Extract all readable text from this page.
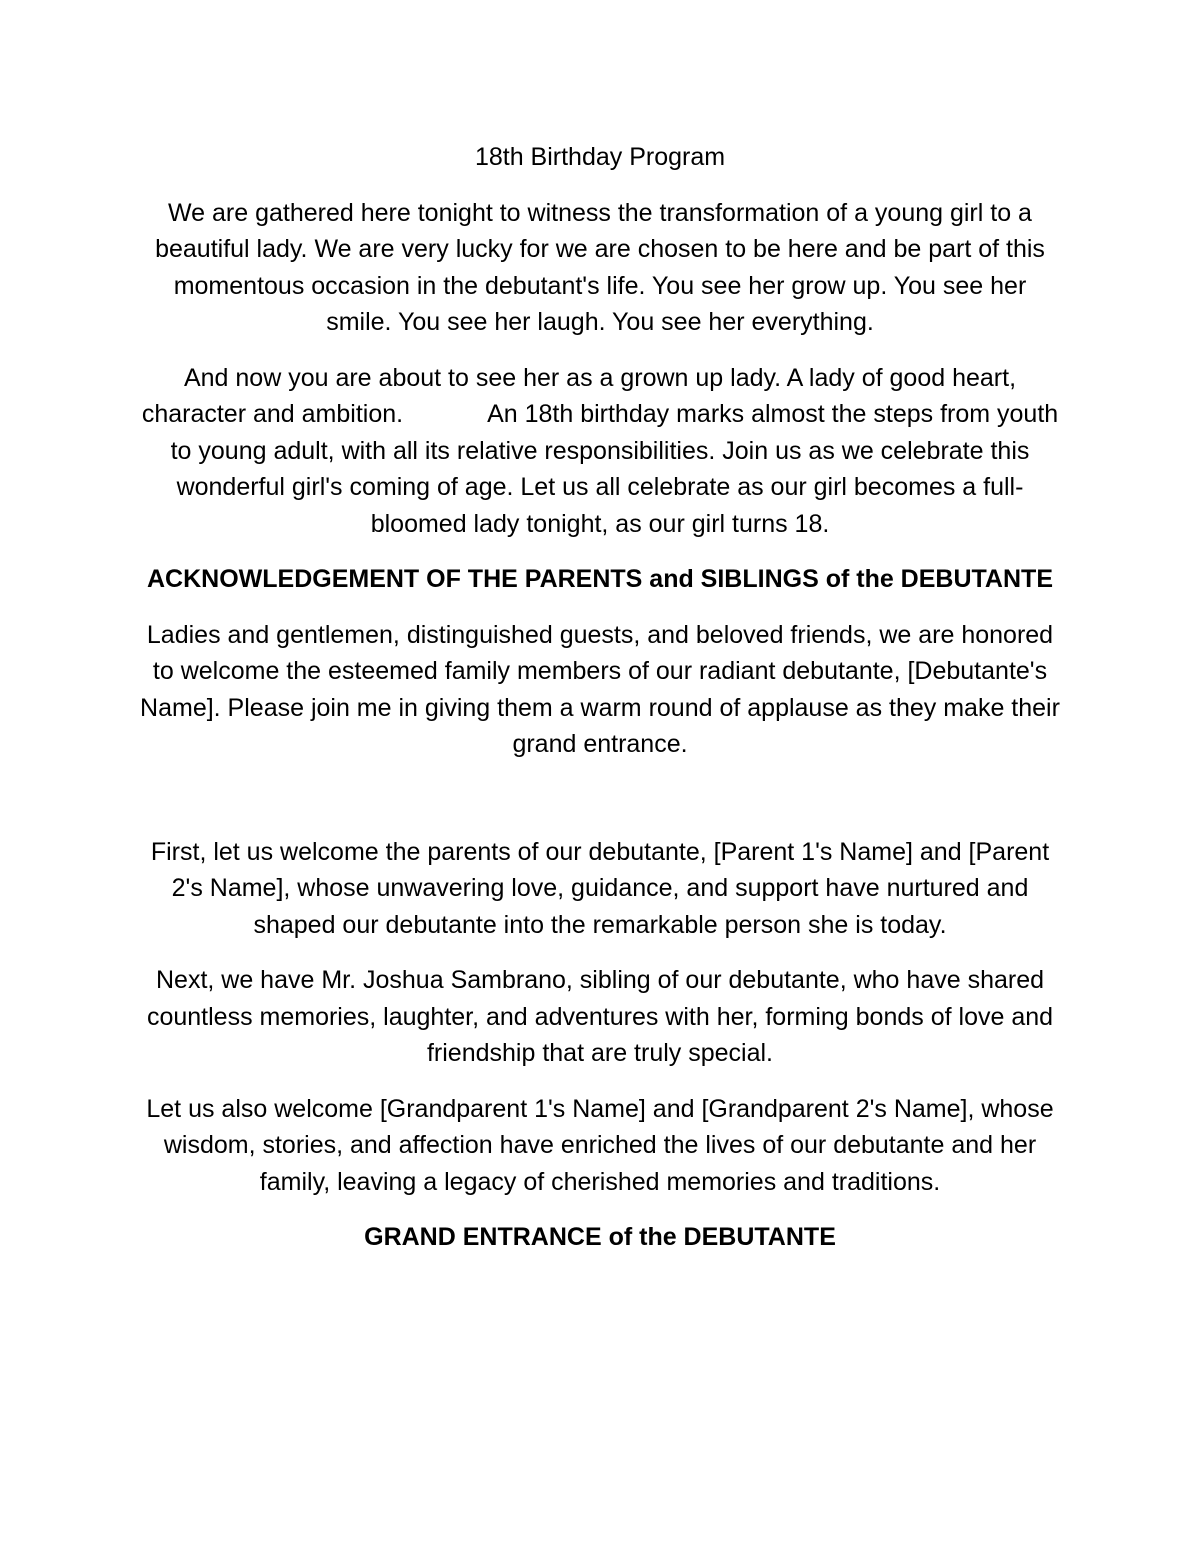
18th Birthday Program

We are gathered here tonight to witness the transformation of a young girl to a beautiful lady. We are very lucky for we are chosen to be here and be part of this momentous occasion in the debutant's life. You see her grow up. You see her smile. You see her laugh. You see her everything.

And now you are about to see her as a grown up lady. A lady of good heart, character and ambition.	An 18th birthday marks almost the steps from youth to young adult, with all its relative responsibilities. Join us as we celebrate this wonderful girl's coming of age. Let us all celebrate as our girl becomes a full-bloomed lady tonight, as our girl turns 18.

ACKNOWLEDGEMENT OF THE PARENTS and SIBLINGS of the DEBUTANTE

Ladies and gentlemen, distinguished guests, and beloved friends, we are honored to welcome the esteemed family members of our radiant debutante, [Debutante's Name]. Please join me in giving them a warm round of applause as they make their grand entrance.

First, let us welcome the parents of our debutante, [Parent 1's Name] and [Parent 2's Name], whose unwavering love, guidance, and support have nurtured and shaped our debutante into the remarkable person she is today.

Next, we have Mr. Joshua Sambrano, sibling of our debutante, who have shared countless memories, laughter, and adventures with her, forming bonds of love and friendship that are truly special.

Let us also welcome [Grandparent 1's Name] and [Grandparent 2's Name], whose wisdom, stories, and affection have enriched the lives of our debutante and her family, leaving a legacy of cherished memories and traditions.

GRAND ENTRANCE of the DEBUTANTE
